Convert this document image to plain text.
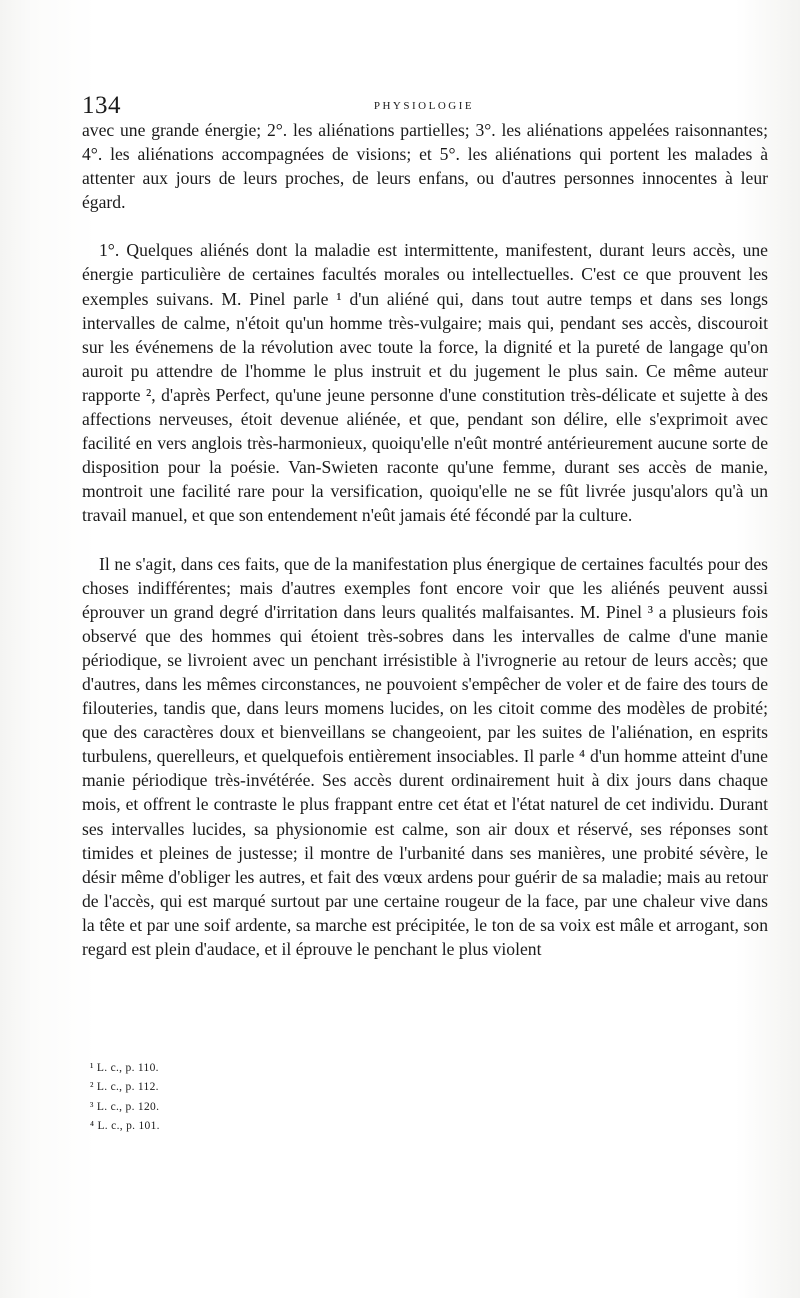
134	PHYSIOLOGIE

avec une grande énergie; 2°. les aliénations partielles; 3°. les aliénations appelées raisonnantes; 4°. les aliénations accompagnées de visions; et 5°. les aliénations qui portent les malades à attenter aux jours de leurs proches, de leurs enfans, ou d'autres personnes innocentes à leur égard.

1°. Quelques aliénés dont la maladie est intermittente, manifestent, durant leurs accès, une énergie particulière de certaines facultés morales ou intellectuelles. C'est ce que prouvent les exemples suivans. M. Pinel parle ¹ d'un aliéné qui, dans tout autre temps et dans ses longs intervalles de calme, n'étoit qu'un homme très-vulgaire; mais qui, pendant ses accès, discouroit sur les événemens de la révolution avec toute la force, la dignité et la pureté de langage qu'on auroit pu attendre de l'homme le plus instruit et du jugement le plus sain. Ce même auteur rapporte ², d'après Perfect, qu'une jeune personne d'une constitution très-délicate et sujette à des affections nerveuses, étoit devenue aliénée, et que, pendant son délire, elle s'exprimoit avec facilité en vers anglois très-harmonieux, quoiqu'elle n'eût montré antérieurement aucune sorte de disposition pour la poésie. Van-Swieten raconte qu'une femme, durant ses accès de manie, montroit une facilité rare pour la versification, quoiqu'elle ne se fût livrée jusqu'alors qu'à un travail manuel, et que son entendement n'eût jamais été fécondé par la culture.

Il ne s'agit, dans ces faits, que de la manifestation plus énergique de certaines facultés pour des choses indifférentes; mais d'autres exemples font encore voir que les aliénés peuvent aussi éprouver un grand degré d'irritation dans leurs qualités malfaisantes. M. Pinel ³ a plusieurs fois observé que des hommes qui étoient très-sobres dans les intervalles de calme d'une manie périodique, se livroient avec un penchant irrésistible à l'ivrognerie au retour de leurs accès; que d'autres, dans les mêmes circonstances, ne pouvoient s'empêcher de voler et de faire des tours de filouteries, tandis que, dans leurs momens lucides, on les citoit comme des modèles de probité; que des caractères doux et bienveillans se changeoient, par les suites de l'aliénation, en esprits turbulens, querelleurs, et quelquefois entièrement insociables. Il parle ⁴ d'un homme atteint d'une manie périodique très-invétérée. Ses accès durent ordinairement huit à dix jours dans chaque mois, et offrent le contraste le plus frappant entre cet état et l'état naturel de cet individu. Durant ses intervalles lucides, sa physionomie est calme, son air doux et réservé, ses réponses sont timides et pleines de justesse; il montre de l'urbanité dans ses manières, une probité sévère, le désir même d'obliger les autres, et fait des vœux ardens pour guérir de sa maladie; mais au retour de l'accès, qui est marqué surtout par une certaine rougeur de la face, par une chaleur vive dans la tête et par une soif ardente, sa marche est précipitée, le ton de sa voix est mâle et arrogant, son regard est plein d'audace, et il éprouve le penchant le plus violent

¹ L. c., p. 110.

² L. c., p. 112.

³ L. c., p. 120.

⁴ L. c., p. 101.
